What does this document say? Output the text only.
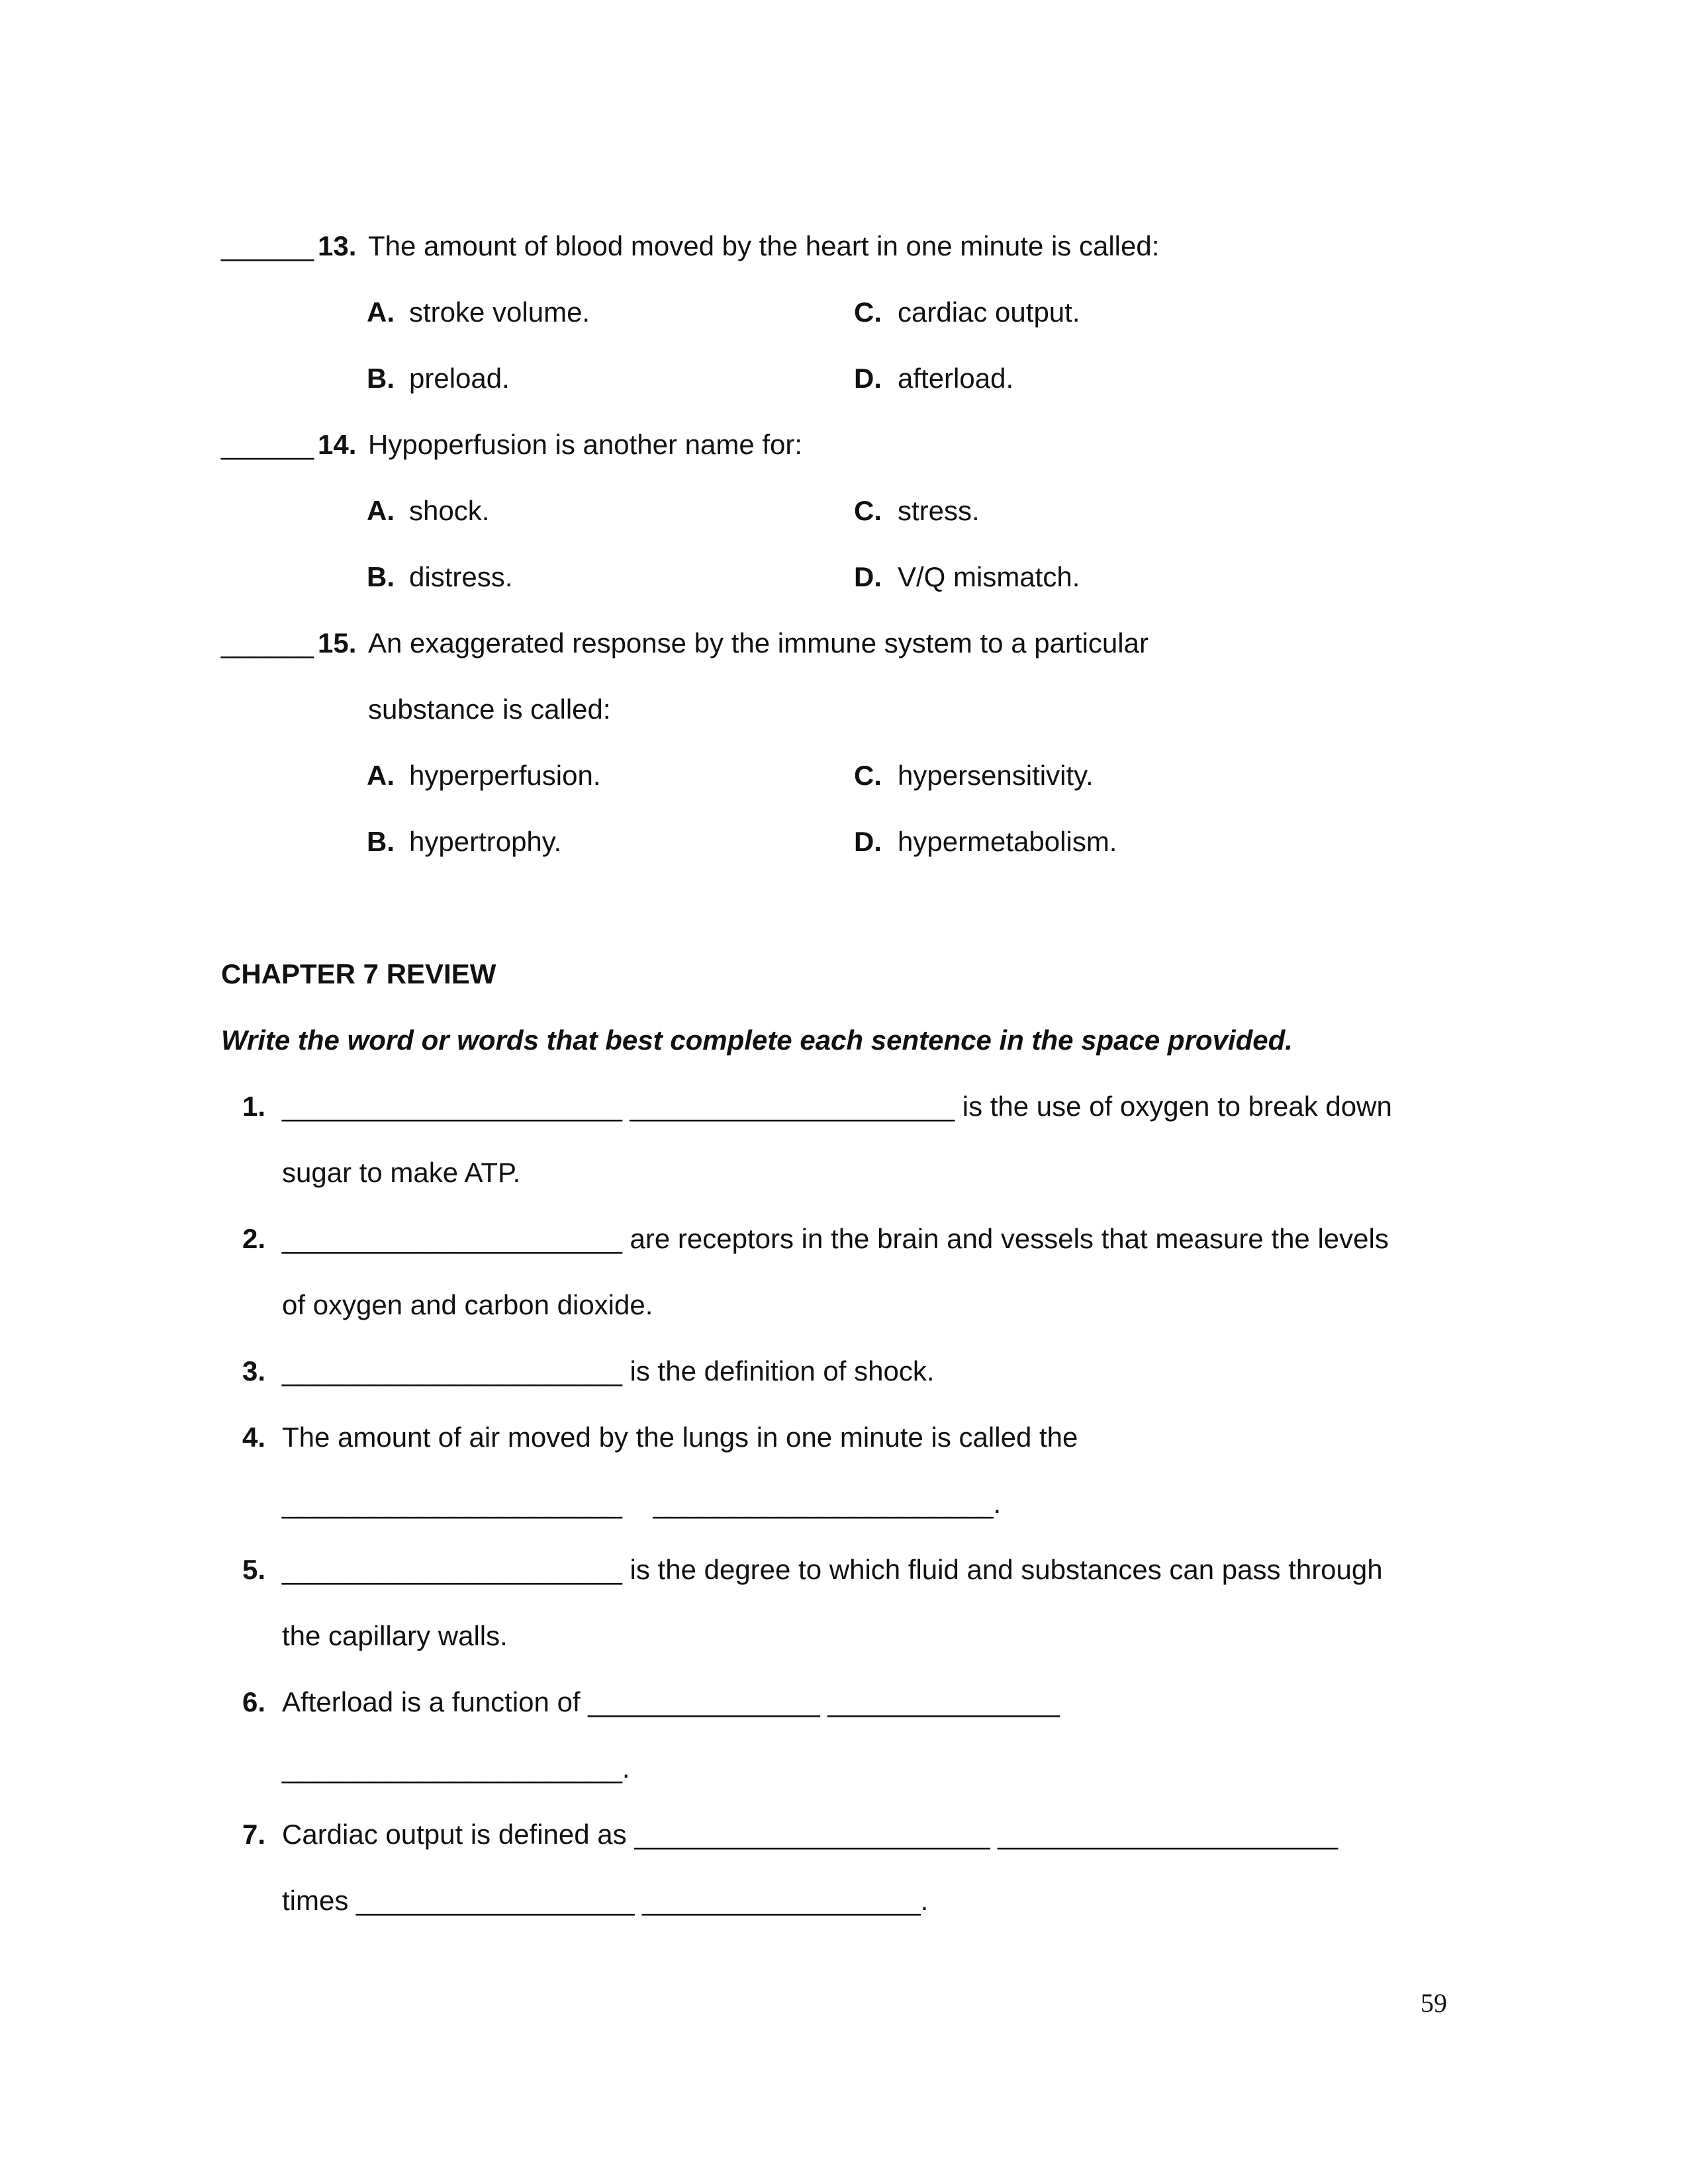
______ 13. The amount of blood moved by the heart in one minute is called:
A. stroke volume.	C. cardiac output.
B. preload.	D. afterload.
______ 14. Hypoperfusion is another name for:
A. shock.	C. stress.
B. distress.	D. V/Q mismatch.
______ 15. An exaggerated response by the immune system to a particular
substance is called:
A. hyperperfusion.	C. hypersensitivity.
B. hypertrophy.	D. hypermetabolism.
CHAPTER 7 REVIEW
Write the word or words that best complete each sentence in the space provided.
1. ______________________ _____________________ is the use of oxygen to break down
sugar to make ATP.
2. ______________________ are receptors in the brain and vessels that measure the levels
of oxygen and carbon dioxide.
3. ______________________ is the definition of shock.
4. The amount of air moved by the lungs in one minute is called the
______________________    ______________________.
5. ______________________ is the degree to which fluid and substances can pass through
the capillary walls.
6. Afterload is a function of _______________ _______________
______________________.
7. Cardiac output is defined as _______________________ ______________________
times __________________ __________________.
59
